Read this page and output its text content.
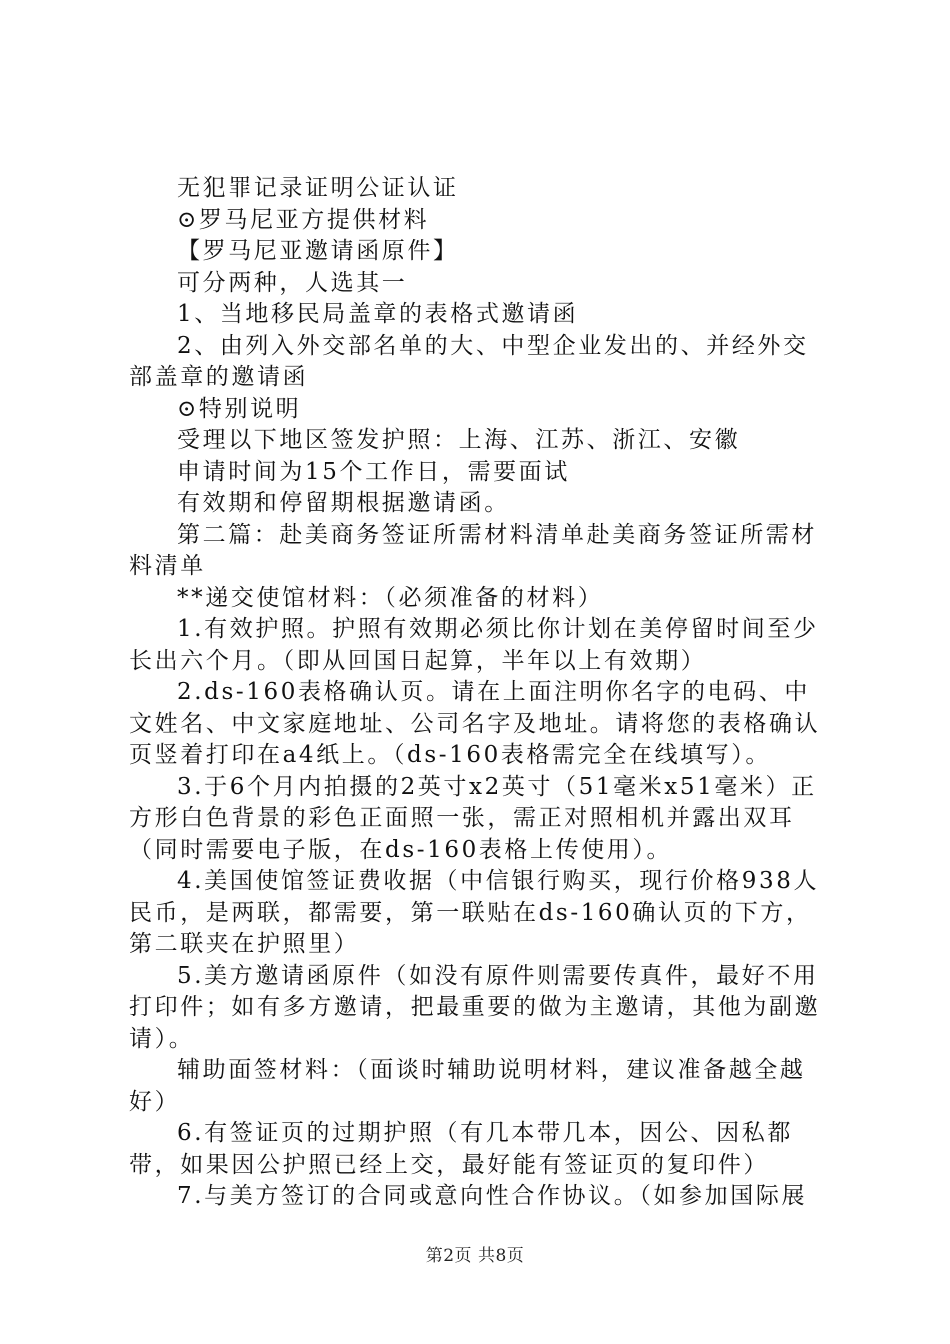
无犯罪记录证明公证认证

⊙罗马尼亚方提供材料

【罗马尼亚邀请函原件】

可分两种，人选其一

1、当地移民局盖章的表格式邀请函

2、由列入外交部名单的大、中型企业发出的、并经外交部盖章的邀请函

⊙特别说明

受理以下地区签发护照：上海、江苏、浙江、安徽

申请时间为15个工作日，需要面试

有效期和停留期根据邀请函。

第二篇：赴美商务签证所需材料清单赴美商务签证所需材料清单

**递交使馆材料：（必须准备的材料）

1.有效护照。护照有效期必须比你计划在美停留时间至少长出六个月。（即从回国日起算，半年以上有效期）

2.ds-160表格确认页。请在上面注明你名字的电码、中文姓名、中文家庭地址、公司名字及地址。请将您的表格确认页竖着打印在a4纸上。（ds-160表格需完全在线填写）。

3.于6个月内拍摄的2英寸x2英寸（51毫米x51毫米）正方形白色背景的彩色正面照一张，需正对照相机并露出双耳（同时需要电子版，在ds-160表格上传使用）。

4.美国使馆签证费收据（中信银行购买，现行价格938人民币，是两联，都需要，第一联贴在ds-160确认页的下方，第二联夹在护照里）

5.美方邀请函原件（如没有原件则需要传真件，最好不用打印件；如有多方邀请，把最重要的做为主邀请，其他为副邀请）。

辅助面签材料：（面谈时辅助说明材料，建议准备越全越好）

6.有签证页的过期护照（有几本带几本，因公、因私都带，如果因公护照已经上交，最好能有签证页的复印件）

7.与美方签订的合同或意向性合作协议。（如参加国际展

第2页 共8页
